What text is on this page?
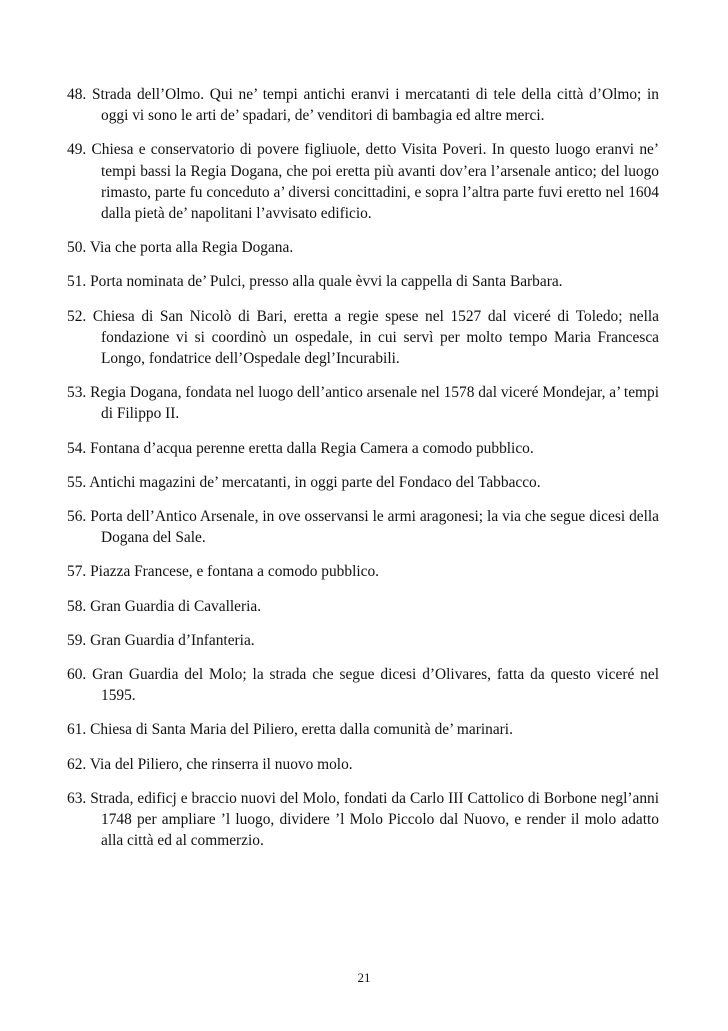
48. Strada dell’Olmo. Qui ne’ tempi antichi eranvi i mercatanti di tele della città d’Olmo; in oggi vi sono le arti de’ spadari, de’ venditori di bambagia ed altre merci.
49. Chiesa e conservatorio di povere figliuole, detto Visita Poveri. In questo luogo eranvi ne’ tempi bassi la Regia Dogana, che poi eretta più avanti dov’era l’arsenale antico; del luogo rimasto, parte fu conceduto a’ diversi concittadini, e sopra l’altra parte fuvi eretto nel 1604 dalla pietà de’ napolitani l’avvisato edificio.
50. Via che porta alla Regia Dogana.
51. Porta nominata de’ Pulci, presso alla quale èvvi la cappella di Santa Barbara.
52. Chiesa di San Nicolò di Bari, eretta a regie spese nel 1527 dal viceré di Toledo; nella fondazione vi si coordinò un ospedale, in cui servì per molto tempo Maria Francesca Longo, fondatrice dell’Ospedale degl’Incurabili.
53. Regia Dogana, fondata nel luogo dell’antico arsenale nel 1578 dal viceré Mondejar, a’ tempi di Filippo II.
54. Fontana d’acqua perenne eretta dalla Regia Camera a comodo pubblico.
55. Antichi magazini de’ mercatanti, in oggi parte del Fondaco del Tabbacco.
56. Porta dell’Antico Arsenale, in ove osservansi le armi aragonesi; la via che segue dicesi della Dogana del Sale.
57. Piazza Francese, e fontana a comodo pubblico.
58. Gran Guardia di Cavalleria.
59. Gran Guardia d’Infanteria.
60. Gran Guardia del Molo; la strada che segue dicesi d’Olivares, fatta da questo viceré nel 1595.
61. Chiesa di Santa Maria del Piliero, eretta dalla comunità de’ marinari.
62. Via del Piliero, che rinserra il nuovo molo.
63. Strada, edificj e braccio nuovi del Molo, fondati da Carlo III Cattolico di Borbone negl’anni 1748 per ampliare ’l luogo, dividere ’l Molo Piccolo dal Nuovo, e render il molo adatto alla città ed al commerzio.
21
